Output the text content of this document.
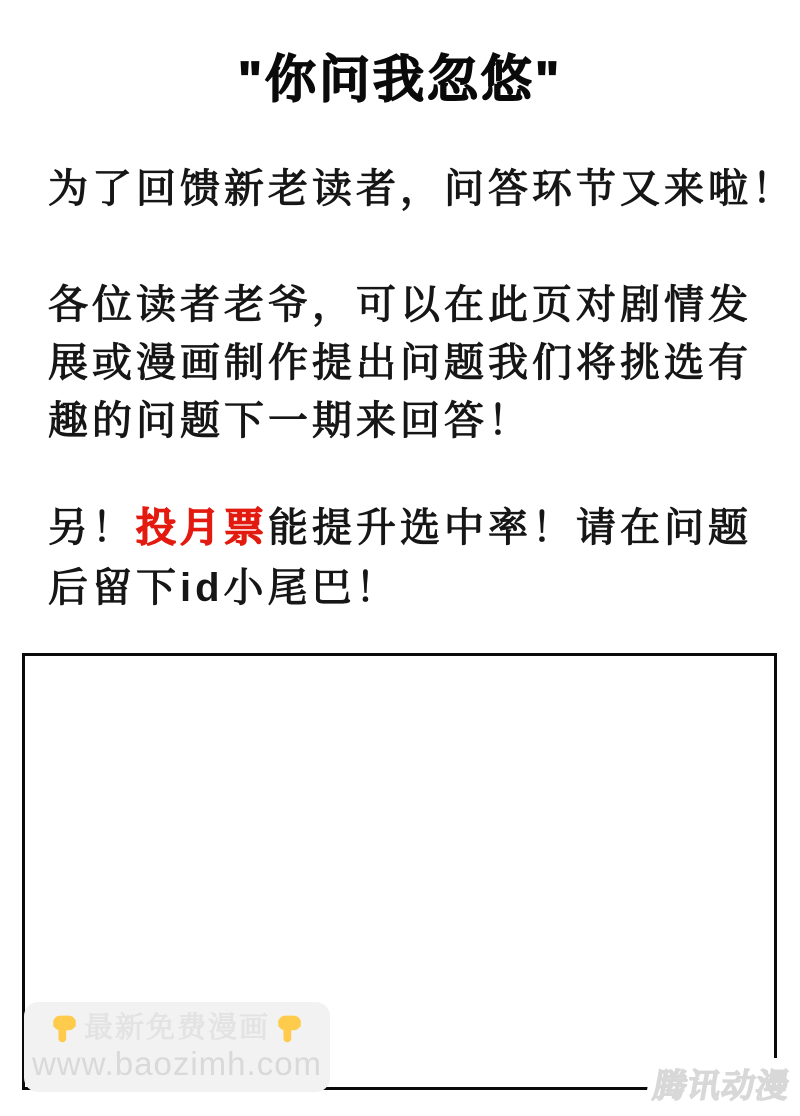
"你问我忽悠"
为了回馈新老读者，问答环节又来啦！
各位读者老爷，可以在此页对剧情发
展或漫画制作提出问题我们将挑选有
趣的问题下一期来回答！
另！投月票能提升选中率！请在问题
后留下id小尾巴！
最新免费漫画
www.baozimh.com
腾讯动漫
